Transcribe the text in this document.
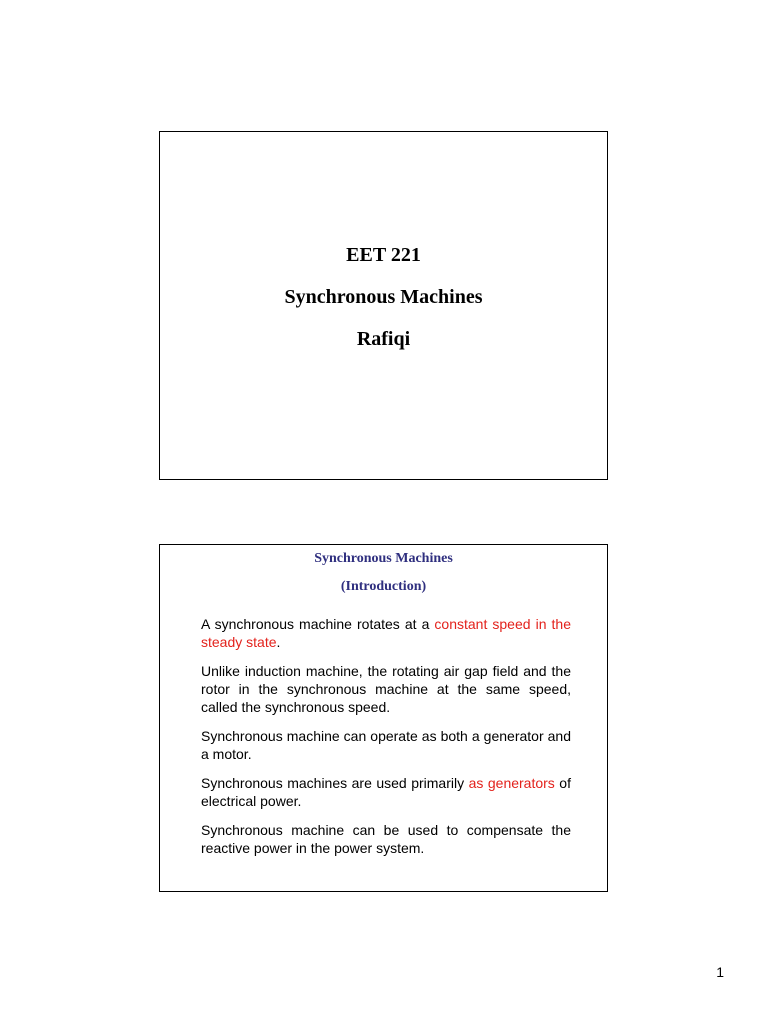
EET 221
Synchronous Machines
Rafiqi
Synchronous Machines
(Introduction)

A synchronous machine rotates at a constant speed in the steady state.

Unlike induction machine, the rotating air gap field and the rotor in the synchronous machine at the same speed, called the synchronous speed.

Synchronous machine can operate as both a generator and a motor.

Synchronous machines are used primarily as generators of electrical power.

Synchronous machine can be used to compensate the reactive power in the power system.

1
